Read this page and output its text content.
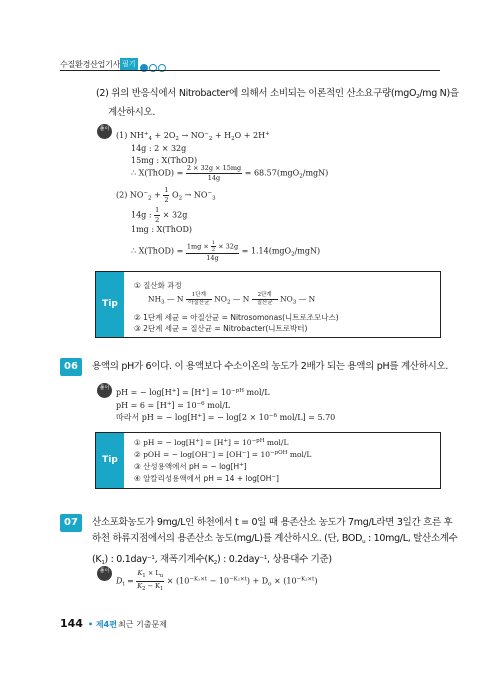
수질환경산업기사 필기
(2) 위의 반응식에서 Nitrobacter에 의해서 소비되는 이론적인 산소요구량(mgO$_2$/mg N)을
계산하시오.
풀이
(1) $NH^+_4 + 2O_2 \to NO^-_2 + H_2O + 2H^+$
14g : 2 × 32g
15mg : X(ThOD)
∴ X(ThOD) = $\frac{2 \times 32g \times 15mg}{14g} = 68.57(mgO_2/mgN)$
(2) $NO^-_2 + \frac{1}{2} O_2 \to NO^-_3$
14g : $\frac{1}{2} \times 32g$
1mg : X(ThOD)
∴ X(ThOD) = $\frac{1mg \times \frac{1}{2} \times 32g}{14g} = 1.14(mgO_2/mgN)$
Tip
① 질산화 과정
$NH_3$ — N $\frac{\text{1단계}}{\text{아질산균}} NO_2$ — N $\frac{\text{2단계}}{\text{질산균}} NO_3$ — N
② 1단계 세균 = 아질산균 = Nitrosomonas(니트로조모나스)
③ 2단계 세균 = 질산균 = Nitrobacter(니트로박터)
06	용액의 pH가 6이다. 이 용액보다 수소이온의 농도가 2배가 되는 용액의 pH를 계산하시오.
풀이 pH = − $\log[H^+] = [H^+] = 10^{-pH}$ mol/L
pH = $6 = [H^+] = 10^{-6}$ mol/L
따라서 pH = − log[H+] = − $\log[2 \times 10^{-6}$ mol/L] = 5.70
Tip
① pH = − $\log[H^+] = [H^+] = 10^{-pH}$ mol/L
② pOH = − $\log[OH^-] = [OH^-] = 10^{-pOH}$ mol/L
③ 산성용액에서 pH = − log[H+]
④ 알칼리성용액에서 pH = 14 + log[OH−]
07	산소포화농도가 9mg/L인 하천에서 t = 0일 때 용존산소 농도가 7mg/L라면 3일간 흐른 후
하천 하류지점에서의 용존산소 농도(mg/L)를 계산하시오. (단, $BOD_u$ : 10mg/L, 탈산소계수
$(K_1)$ : 0.1day$^{-1}$, 재폭기계수$(K_2)$ : 0.2day$^{-1}$, 상용대수 기준)
풀이
$D_t = \frac{K_1 \times L_u}{K_2 - K_1} \times (10^{-K_1\times t} - 10^{-K_2\times t}) + D_o \times (10^{-K_2\times t})$
144 • 제4편 최근 기출문제
